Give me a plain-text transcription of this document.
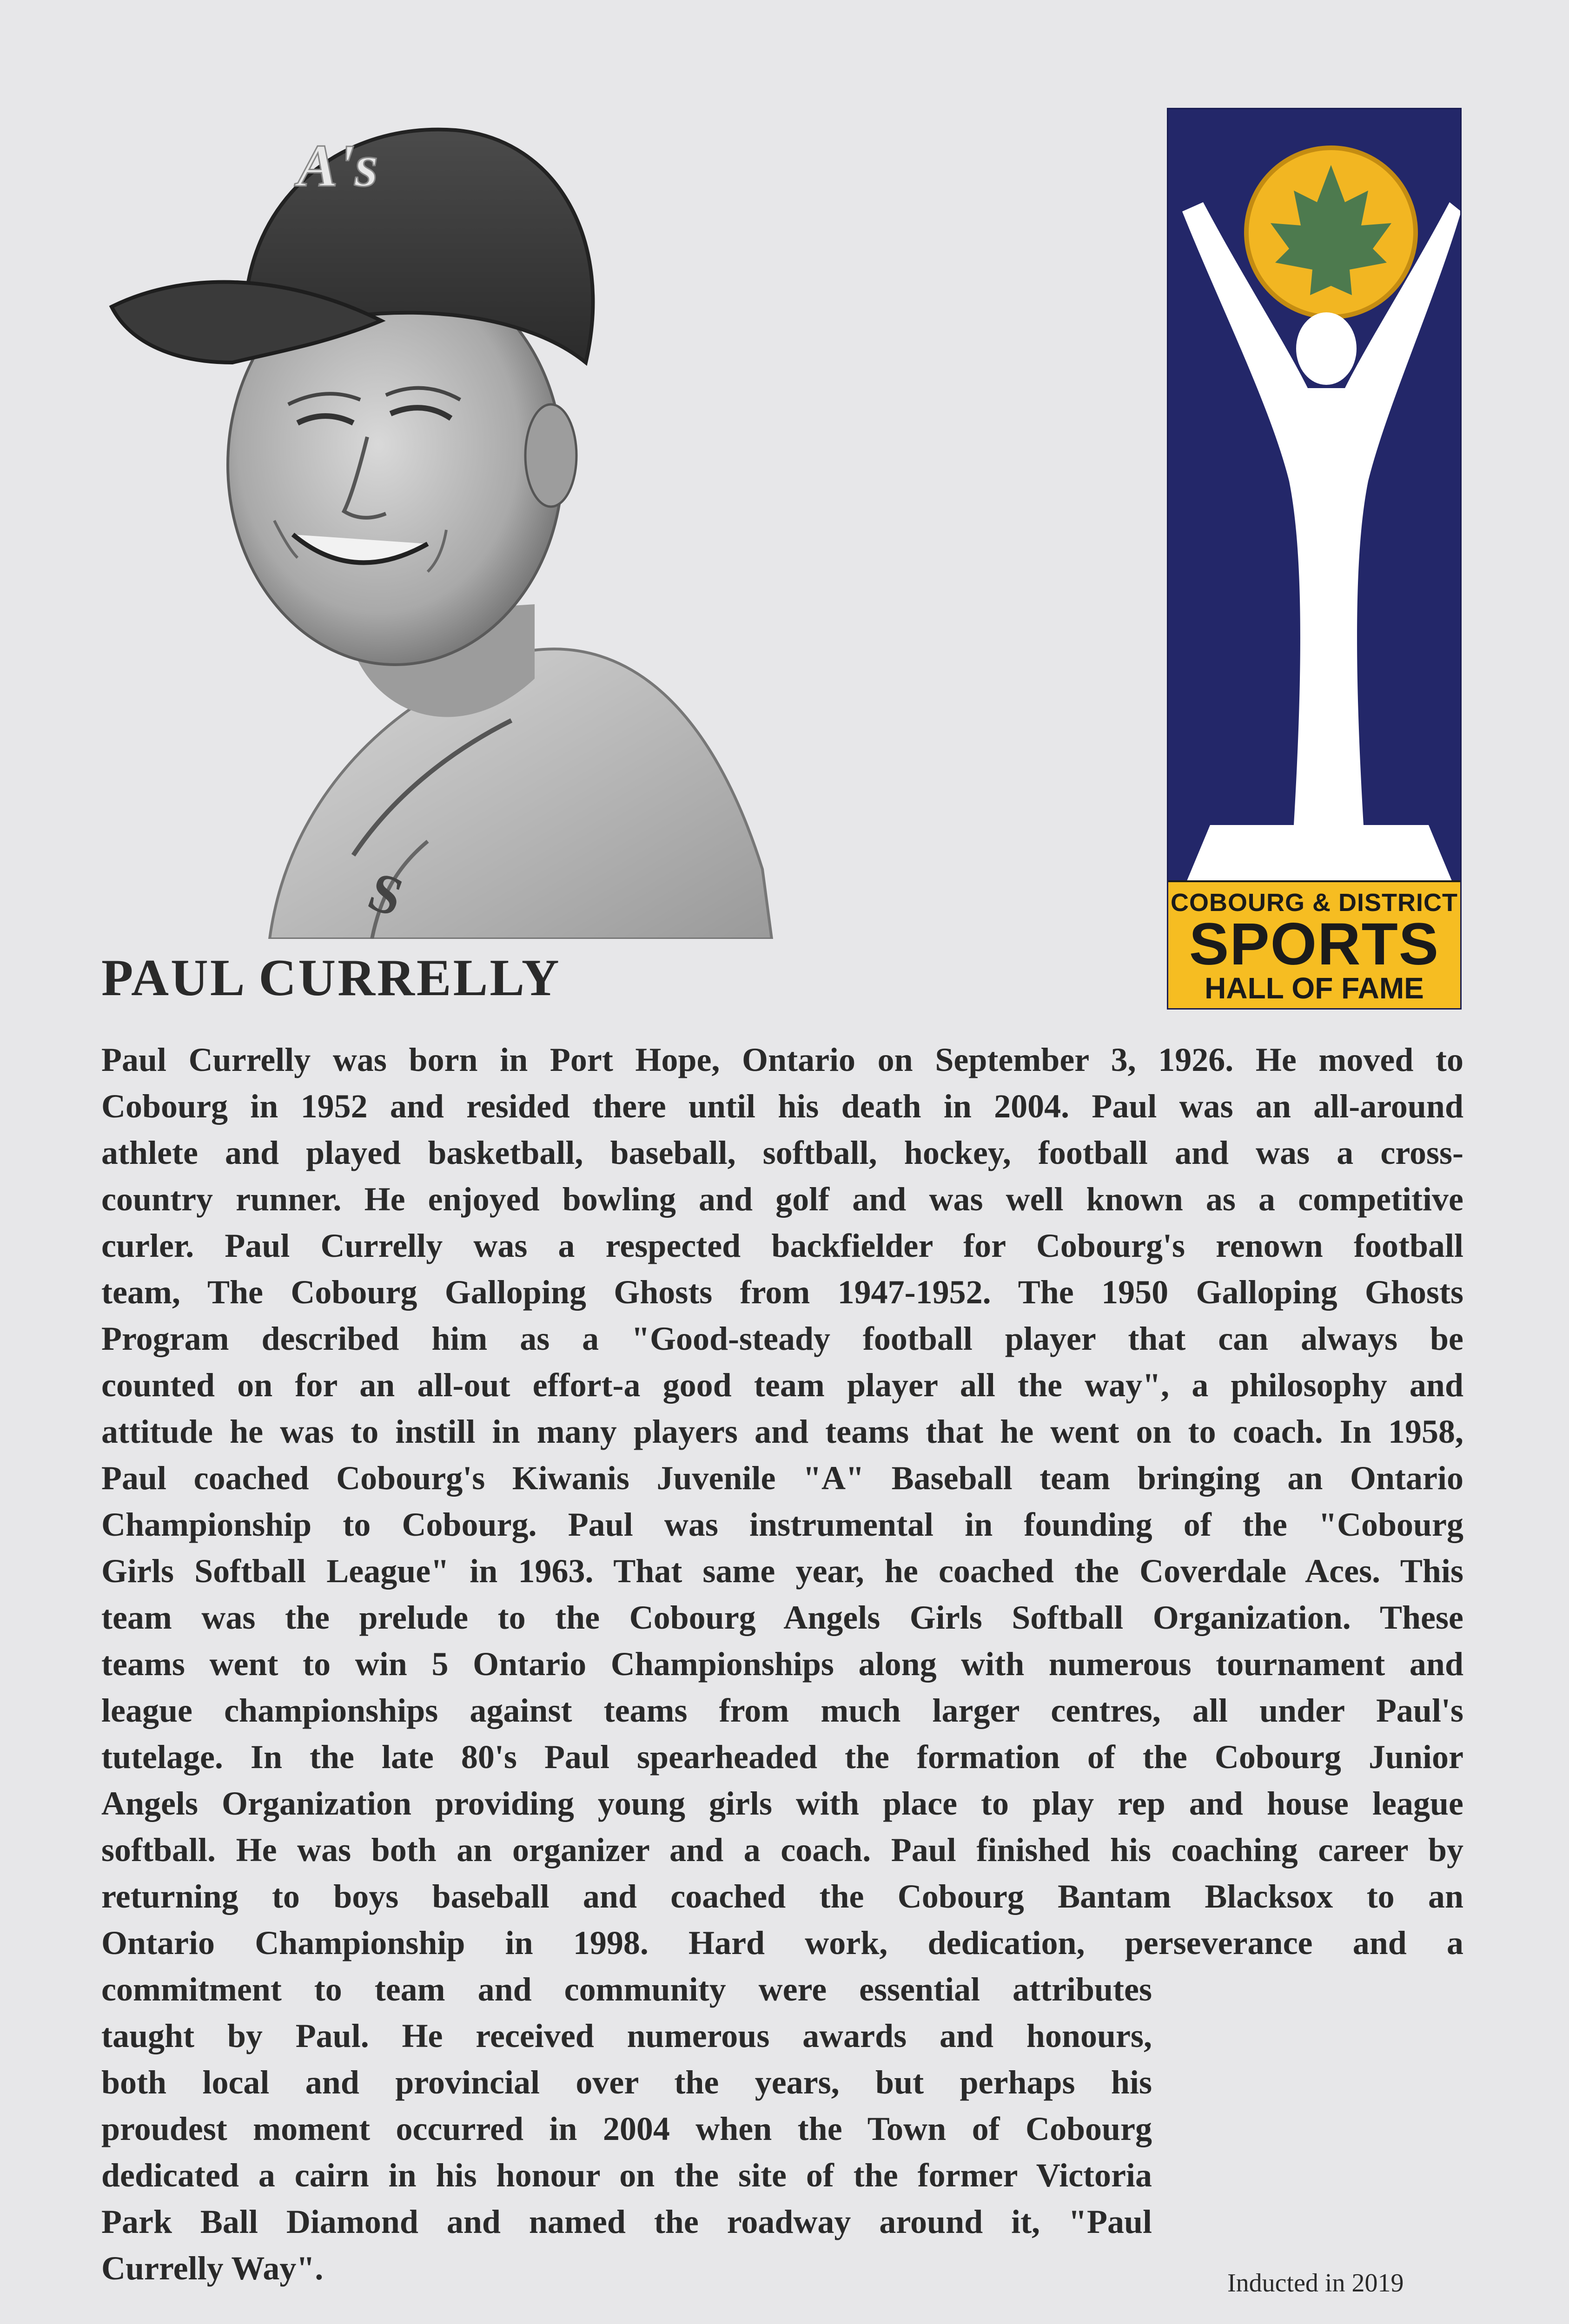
S
A's
COBOURG & DISTRICT
SPORTS
HALL OF FAME
PAUL CURRELLY
Paul Currelly was born in Port Hope, Ontario on September 3, 1926. He moved to
Cobourg in 1952 and resided there until his death in 2004. Paul was an all-around
athlete and played basketball, baseball, softball, hockey, football and was a cross-
country runner. He enjoyed bowling and golf and was well known as a competitive
curler. Paul Currelly was a respected backfielder for Cobourg's renown football
team, The Cobourg Galloping Ghosts from 1947-1952. The 1950 Galloping Ghosts
Program described him as a "Good-steady football player that can always be
counted on for an all-out effort-a good team player all the way", a philosophy and
attitude he was to instill in many players and teams that he went on to coach. In 1958,
Paul coached Cobourg's Kiwanis Juvenile "A" Baseball team bringing an Ontario
Championship to Cobourg. Paul was instrumental in founding of the "Cobourg
Girls Softball League" in 1963. That same year, he coached the Coverdale Aces. This
team was the prelude to the Cobourg Angels Girls Softball Organization. These
teams went to win 5 Ontario Championships along with numerous tournament and
league championships against teams from much larger centres, all under Paul's
tutelage. In the late 80's Paul spearheaded the formation of the Cobourg Junior
Angels Organization providing young girls with place to play rep and house league
softball. He was both an organizer and a coach. Paul finished his coaching career by
returning to boys baseball and coached the Cobourg Bantam Blacksox to an
Ontario Championship in 1998. Hard work, dedication, perseverance and a
commitment to team and community were essential attributes
taught by Paul. He received numerous awards and honours,
both local and provincial over the years, but perhaps his
proudest moment occurred in 2004 when the Town of Cobourg
dedicated a cairn in his honour on the site of the former Victoria
Park Ball Diamond and named the roadway around it, "Paul
Currelly Way".	Inducted in 2019
